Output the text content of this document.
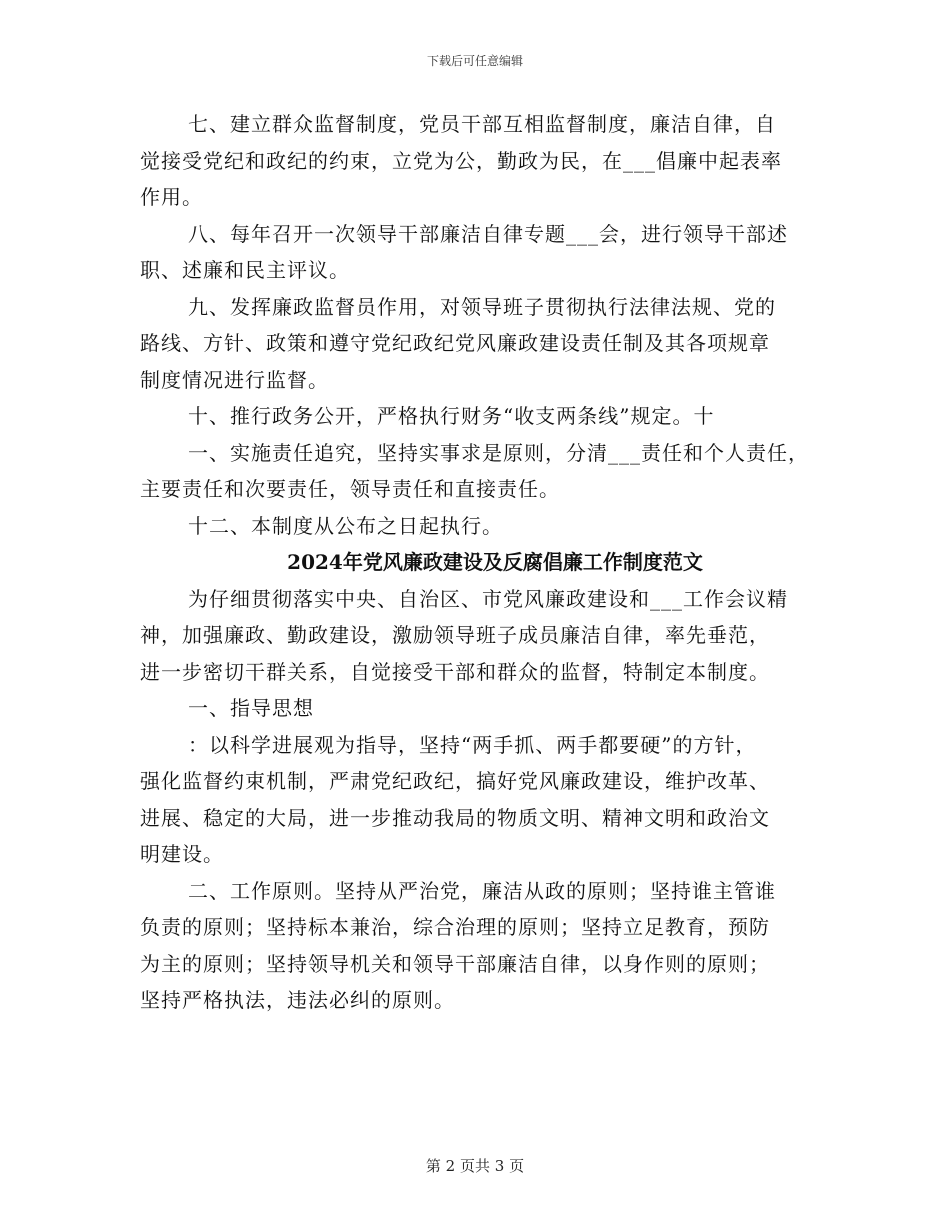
下载后可任意编辑
七、建立群众监督制度，党员干部互相监督制度，廉洁自律，自
觉接受党纪和政纪的约束，立党为公，勤政为民，在___倡廉中起表率
作用。
八、每年召开一次领导干部廉洁自律专题___会，进行领导干部述
职、述廉和民主评议。
九、发挥廉政监督员作用，对领导班子贯彻执行法律法规、党的
路线、方针、政策和遵守党纪政纪党风廉政建设责任制及其各项规章
制度情况进行监督。
十、推行政务公开，严格执行财务“收支两条线”规定。十
一、实施责任追究，坚持实事求是原则，分清___责任和个人责任，
主要责任和次要责任，领导责任和直接责任。
十二、本制度从公布之日起执行。
2024年党风廉政建设及反腐倡廉工作制度范文
为仔细贯彻落实中央、自治区、市党风廉政建设和___工作会议精
神，加强廉政、勤政建设，激励领导班子成员廉洁自律，率先垂范，
进一步密切干群关系，自觉接受干部和群众的监督，特制定本制度。
一、指导思想
：以科学进展观为指导，坚持“两手抓、两手都要硬”的方针，
强化监督约束机制，严肃党纪政纪，搞好党风廉政建设，维护改革、
进展、稳定的大局，进一步推动我局的物质文明、精神文明和政治文
明建设。
二、工作原则。坚持从严治党，廉洁从政的原则；坚持谁主管谁
负责的原则；坚持标本兼治，综合治理的原则；坚持立足教育，预防
为主的原则；坚持领导机关和领导干部廉洁自律，以身作则的原则；
坚持严格执法，违法必纠的原则。
第 2 页共 3 页
